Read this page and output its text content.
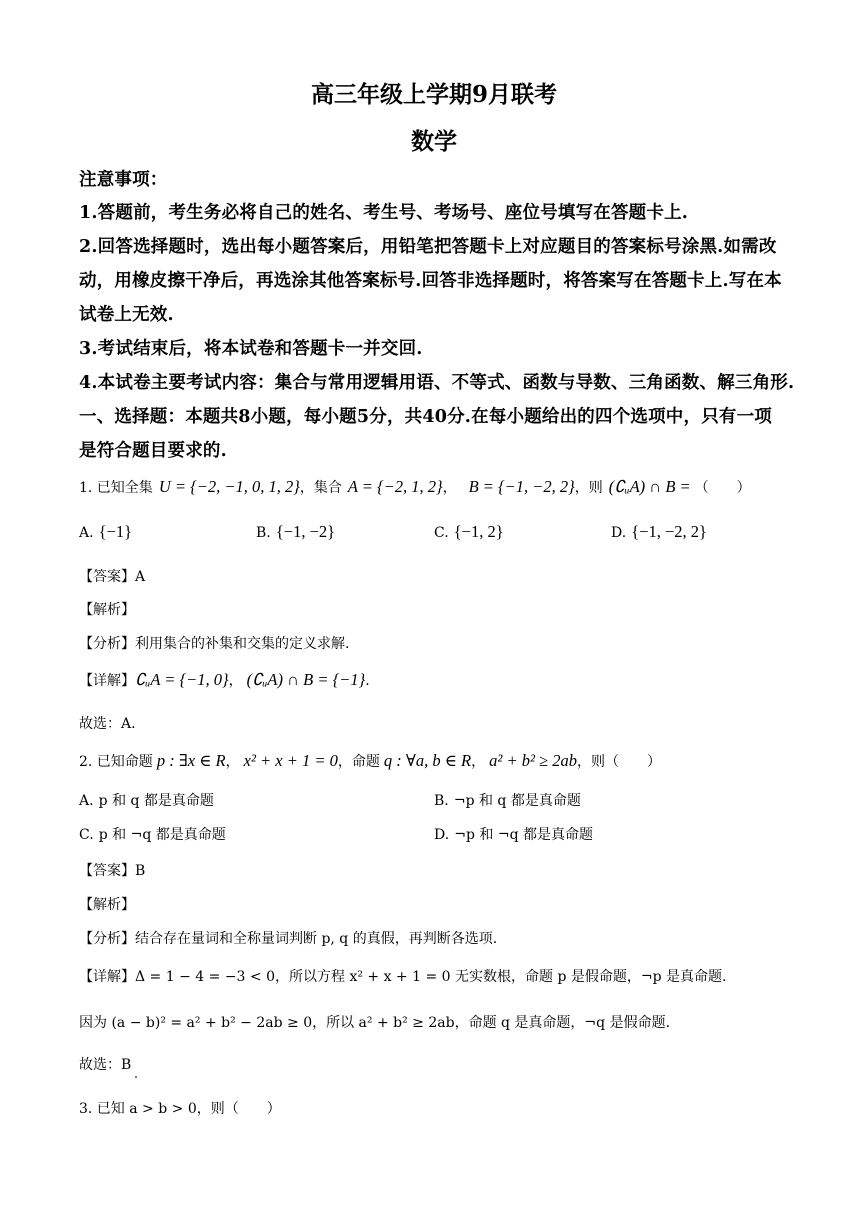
高三年级上学期9月联考
数学
注意事项：
1.答题前，考生务必将自己的姓名、考生号、考场号、座位号填写在答题卡上.
2.回答选择题时，选出每小题答案后，用铅笔把答题卡上对应题目的答案标号涂黑.如需改
动，用橡皮擦干净后，再选涂其他答案标号.回答非选择题时，将答案写在答题卡上.写在本
试卷上无效.
3.考试结束后，将本试卷和答题卡一并交回.
4.本试卷主要考试内容：集合与常用逻辑用语、不等式、函数与导数、三角函数、解三角形.
一、选择题：本题共8小题，每小题5分，共40分.在每小题给出的四个选项中，只有一项
是符合题目要求的.
1. 已知全集 U = {−2, −1, 0, 1, 2}，集合 A = {−2, 1, 2}， B = {−1, −2, 2}，则 (∁ᵤA) ∩ B = （　　）
A. {−1}	B. {−1, −2}	C. {−1, 2}	D. {−1, −2, 2}
【答案】A
【解析】
【分析】利用集合的补集和交集的定义求解.
【详解】∁ᵤA = {−1, 0}， (∁ᵤA) ∩ B = {−1}.
故选：A.
2. 已知命题 p : ∃x ∈ R， x² + x + 1 = 0，命题 q : ∀a, b ∈ R， a² + b² ≥ 2ab，则（　　）
A. p 和 q 都是真命题	B. ¬p 和 q 都是真命题
C. p 和 ¬q 都是真命题	D. ¬p 和 ¬q 都是真命题
【答案】B
【解析】
【分析】结合存在量词和全称量词判断 p, q 的真假，再判断各选项.
【详解】Δ = 1 − 4 = −3 < 0，所以方程 x² + x + 1 = 0 无实数根，命题 p 是假命题，¬p 是真命题.
因为 (a − b)² = a² + b² − 2ab ≥ 0，所以 a² + b² ≥ 2ab，命题 q 是真命题，¬q 是假命题.
故选：B
3. 已知 a > b > 0，则（　　）
